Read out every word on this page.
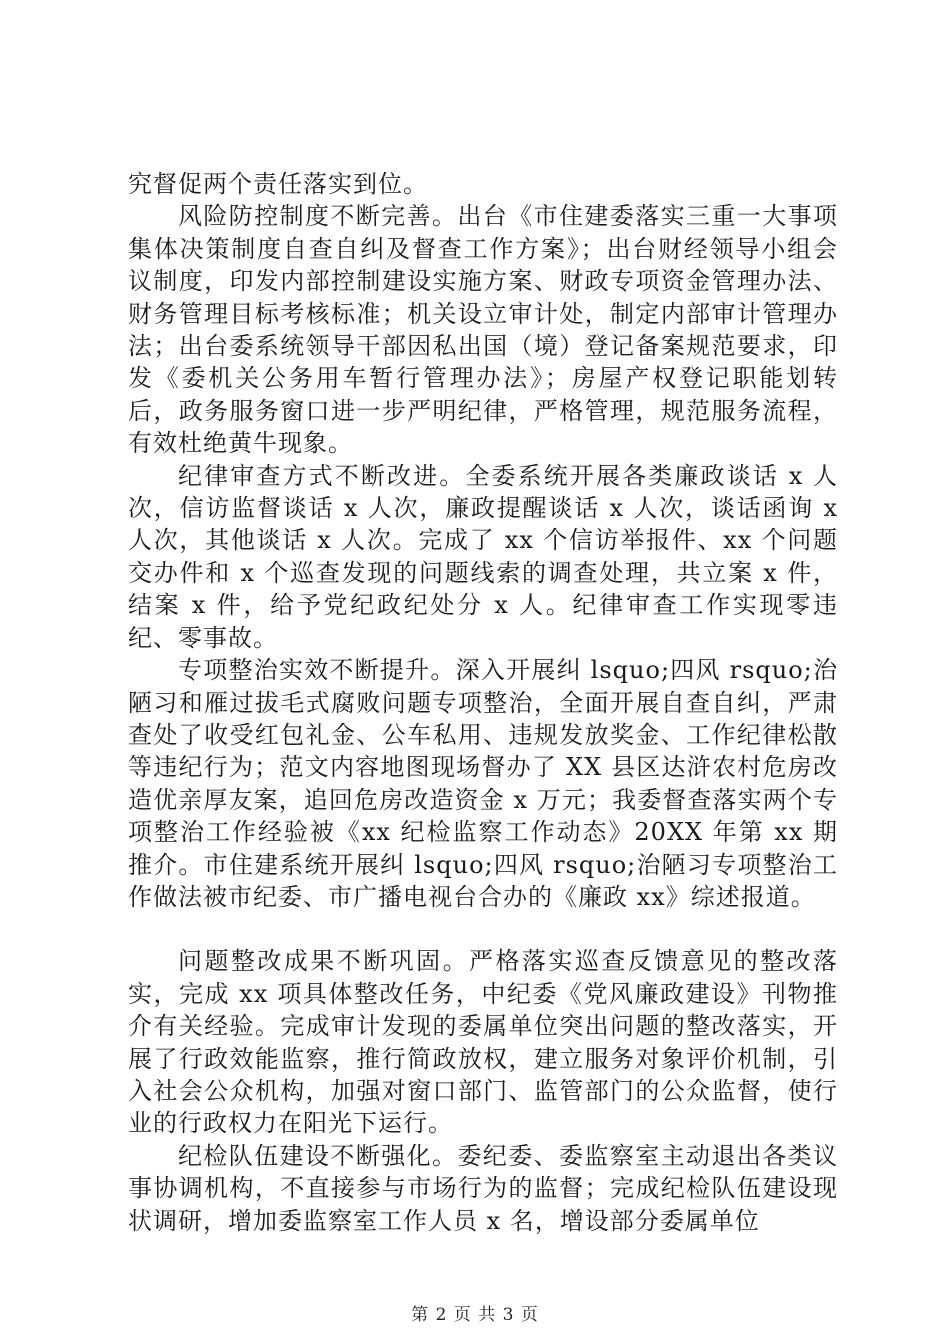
究督促两个责任落实到位。

风险防控制度不断完善。出台《市住建委落实三重一大事项集体决策制度自查自纠及督查工作方案》；出台财经领导小组会议制度，印发内部控制建设实施方案、财政专项资金管理办法、财务管理目标考核标准；机关设立审计处，制定内部审计管理办法；出台委系统领导干部因私出国（境）登记备案规范要求，印发《委机关公务用车暂行管理办法》；房屋产权登记职能划转后，政务服务窗口进一步严明纪律，严格管理，规范服务流程，有效杜绝黄牛现象。

纪律审查方式不断改进。全委系统开展各类廉政谈话 x 人次，信访监督谈话 x 人次，廉政提醒谈话 x 人次，谈话函询 x 人次，其他谈话 x 人次。完成了 xx 个信访举报件、xx 个问题交办件和 x 个巡查发现的问题线索的调查处理，共立案 x 件，结案 x 件，给予党纪政纪处分 x 人。纪律审查工作实现零违纪、零事故。

专项整治实效不断提升。深入开展纠 lsquo;四风 rsquo;治陋习和雁过拔毛式腐败问题专项整治，全面开展自查自纠，严肃查处了收受红包礼金、公车私用、违规发放奖金、工作纪律松散等违纪行为；范文内容地图现场督办了 XX 县区达浒农村危房改造优亲厚友案，追回危房改造资金 x 万元；我委督查落实两个专项整治工作经验被《xx 纪检监察工作动态》20XX 年第 xx 期推介。市住建系统开展纠 lsquo;四风 rsquo;治陋习专项整治工作做法被市纪委、市广播电视台合办的《廉政 xx》综述报道。

问题整改成果不断巩固。严格落实巡查反馈意见的整改落实，完成 xx 项具体整改任务，中纪委《党风廉政建设》刊物推介有关经验。完成审计发现的委属单位突出问题的整改落实，开展了行政效能监察，推行简政放权，建立服务对象评价机制，引入社会公众机构，加强对窗口部门、监管部门的公众监督，使行业的行政权力在阳光下运行。

纪检队伍建设不断强化。委纪委、委监察室主动退出各类议事协调机构，不直接参与市场行为的监督；完成纪检队伍建设现状调研，增加委监察室工作人员 x 名，增设部分委属单位

第 2 页 共 3 页
